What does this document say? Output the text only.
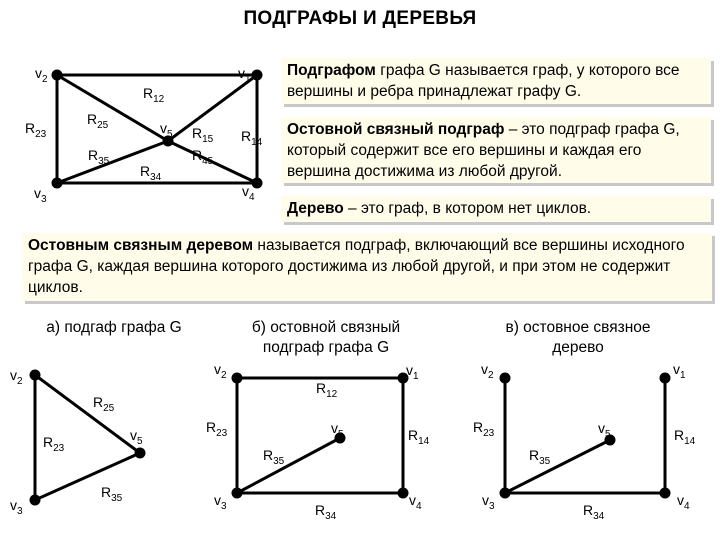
ПОДГРАФЫ И ДЕРЕВЬЯ
Подграфом графа G называется граф, у которого все вершины и ребра принадлежат графу G.
Остовной связный подграф – это подграф графа G, который содержит все его вершины и каждая его вершина достижима из любой другой.
Дерево – это граф, в котором нет циклов.
Остовным связным деревом называется подграф, включающий все вершины исходного графа G, каждая вершина которого достижима из любой другой, и при этом не содержит циклов.
а) подгаф графа G	б) остовной связный подграф графа G
в) остовное связное дерево
$v_1$
$v_2$
$v_3$
$v_4$
$v_5$
$R_{12}$
$R_{14}$
$R_{23}$
$R_{34}$
$R_{25}$
$R_{35}$
$R_{15}$
$R_{45}$
$v_2$
$v_3$
$v_5$
$R_{23}$
$R_{25}$
$R_{35}$
$v_1$
$v_2$
$v_3$	$v_4$
$v_5$
$R_{12}$
$R_{14}$
$R_{23}$
$R_{34}$
$R_{35}$
$v_1$
$v_2$
$v_3$	$v_4$
$v_5$	$R_{14}$
$R_{23}$
$R_{34}$
$R_{35}$
